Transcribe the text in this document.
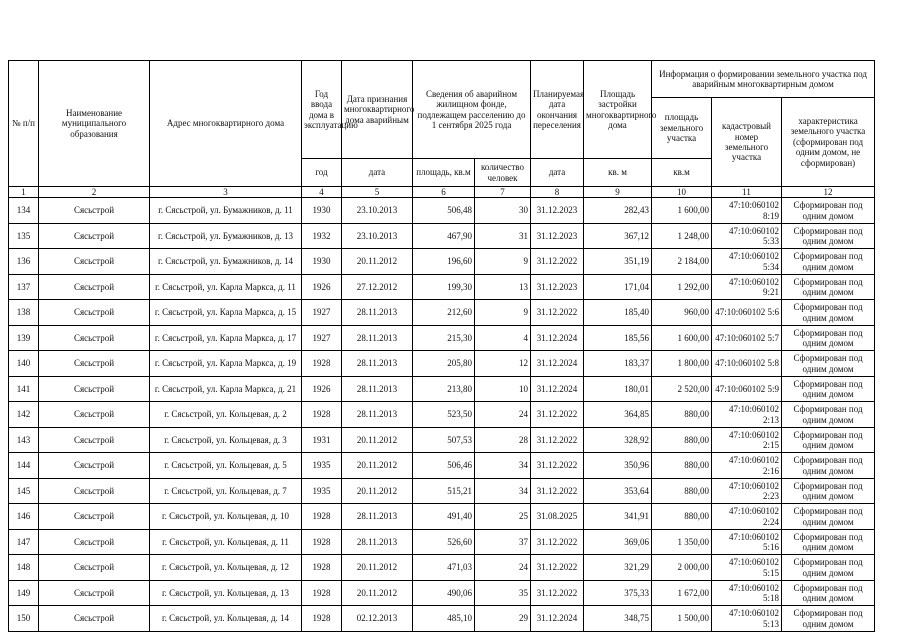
№ п/п	Наименование муниципального образования	Адрес многоквартирного дома	Год ввода дома в эксплуатацию	Дата признания многоквартирного дома аварийным	Сведения об аварийном жилищном фонде, подлежащем расселению до 1 сентября 2025 года		Планируемая дата окончания переселения	Площадь застройки многоквартирного дома	Информация о формировании земельного участка под аварийным многоквартирным домом		
									площадь земельного участка	кадастровый номер земельного участка	характеристика земельного участка (сформирован под одним домом, не сформирован)
			год	дата	площадь, кв.м	количество человек	дата	кв. м	кв.м		
1	2	3	4	5	6	7	8	9	10	11	12
134	Сясьстрой	г. Сясьстрой, ул. Бумажников, д. 11	1930	23.10.2013	506,48	30	31.12.2023	282,43	1 600,00	47:10:060102 8:19	Сформирован под одним домом
135	Сясьстрой	г. Сясьстрой, ул. Бумажников, д. 13	1932	23.10.2013	467,90	31	31.12.2023	367,12	1 248,00	47:10:060102 5:33	Сформирован под одним домом
136	Сясьстрой	г. Сясьстрой, ул. Бумажников, д. 14	1930	20.11.2012	196,60	9	31.12.2022	351,19	2 184,00	47:10:060102 5:34	Сформирован под одним домом
137	Сясьстрой	г. Сясьстрой, ул. Карла Маркса, д. 11	1926	27.12.2012	199,30	13	31.12.2023	171,04	1 292,00	47:10:060102 9:21	Сформирован под одним домом
138	Сясьстрой	г. Сясьстрой, ул. Карла Маркса, д. 15	1927	28.11.2013	212,60	9	31.12.2022	185,40	960,00	47:10:060102 5:6	Сформирован под одним домом
139	Сясьстрой	г. Сясьстрой, ул. Карла Маркса, д. 17	1927	28.11.2013	215,30	4	31.12.2024	185,56	1 600,00	47:10:060102 5:7	Сформирован под одним домом
140	Сясьстрой	г. Сясьстрой, ул. Карла Маркса, д. 19	1928	28.11.2013	205,80	12	31.12.2024	183,37	1 800,00	47:10:060102 5:8	Сформирован под одним домом
141	Сясьстрой	г. Сясьстрой, ул. Карла Маркса, д. 21	1926	28.11.2013	213,80	10	31.12.2024	180,01	2 520,00	47:10:060102 5:9	Сформирован под одним домом
142	Сясьстрой	г. Сясьстрой, ул. Кольцевая, д. 2	1928	28.11.2013	523,50	24	31.12.2022	364,85	880,00	47:10:060102 2:13	Сформирован под одним домом
143	Сясьстрой	г. Сясьстрой, ул. Кольцевая, д. 3	1931	20.11.2012	507,53	28	31.12.2022	328,92	880,00	47:10:060102 2:15	Сформирован под одним домом
144	Сясьстрой	г. Сясьстрой, ул. Кольцевая, д. 5	1935	20.11.2012	506,46	34	31.12.2022	350,96	880,00	47:10:060102 2:16	Сформирован под одним домом
145	Сясьстрой	г. Сясьстрой, ул. Кольцевая, д. 7	1935	20.11.2012	515,21	34	31.12.2022	353,64	880,00	47:10:060102 2:23	Сформирован под одним домом
146	Сясьстрой	г. Сясьстрой, ул. Кольцевая, д. 10	1928	28.11.2013	491,40	25	31.08.2025	341,91	880,00	47:10:060102 2:24	Сформирован под одним домом
147	Сясьстрой	г. Сясьстрой, ул. Кольцевая, д. 11	1928	28.11.2013	526,60	37	31.12.2022	369,06	1 350,00	47:10:060102 5:16	Сформирован под одним домом
148	Сясьстрой	г. Сясьстрой, ул. Кольцевая, д. 12	1928	20.11.2012	471,03	24	31.12.2022	321,29	2 000,00	47:10:060102 5:15	Сформирован под одним домом
149	Сясьстрой	г. Сясьстрой, ул. Кольцевая, д. 13	1928	20.11.2012	490,06	35	31.12.2022	375,33	1 672,00	47:10:060102 5:18	Сформирован под одним домом
150	Сясьстрой	г. Сясьстрой, ул. Кольцевая, д. 14	1928	02.12.2013	485,10	29	31.12.2024	348,75	1 500,00	47:10:060102 5:13	Сформирован под одним домом
